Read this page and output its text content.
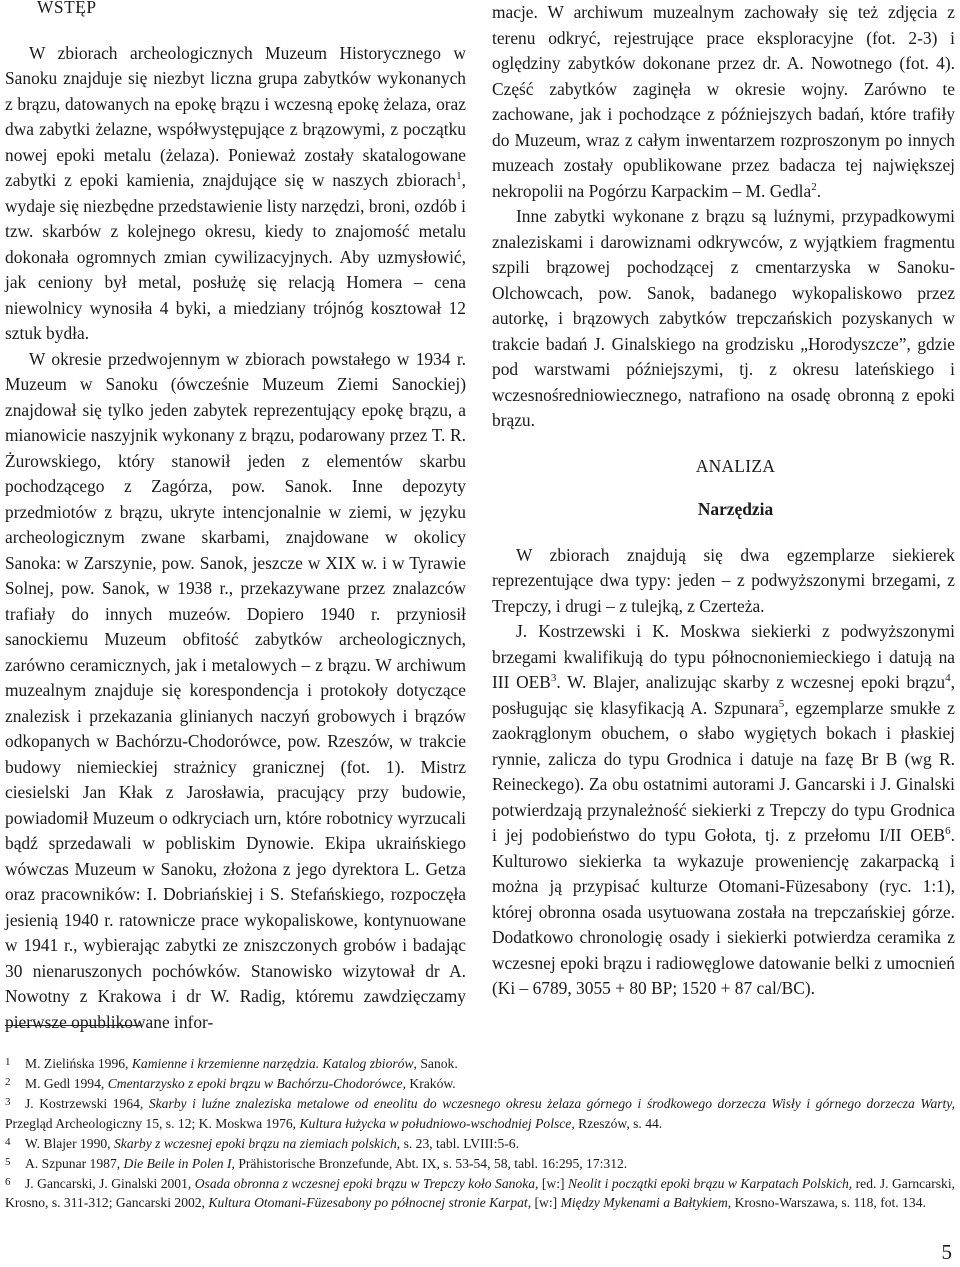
WSTĘP

W zbiorach archeologicznych Muzeum Historycznego w Sanoku znajduje się niezbyt liczna grupa zabytków wykonanych z brązu, datowanych na epokę brązu i wczesną epokę żelaza, oraz dwa zabytki żelazne, współwystępujące z brązowymi, z początku nowej epoki metalu (żelaza). Ponieważ zostały skatalogowane zabytki z epoki kamienia, znajdujące się w naszych zbiorach$^1$, wydaje się niezbędne przedstawienie listy narzędzi, broni, ozdób i tzw. skarbów z kolejnego okresu, kiedy to znajomość metalu dokonała ogromnych zmian cywilizacyjnych. Aby uzmysłowić, jak ceniony był metal, posłużę się relacją Homera – cena niewolnicy wynosiła 4 byki, a miedziany trójnóg kosztował 12 sztuk bydła.

W okresie przedwojennym w zbiorach powstałego w 1934 r. Muzeum w Sanoku (ówcześnie Muzeum Ziemi Sanockiej) znajdował się tylko jeden zabytek reprezentujący epokę brązu, a mianowicie naszyjnik wykonany z brązu, podarowany przez T. R. Żurowskiego, który stanowił jeden z elementów skarbu pochodzącego z Zagórza, pow. Sanok. Inne depozyty przedmiotów z brązu, ukryte intencjonalnie w ziemi, w języku archeologicznym zwane skarbami, znajdowane w okolicy Sanoka: w Zarszynie, pow. Sanok, jeszcze w XIX w. i w Tyrawie Solnej, pow. Sanok, w 1938 r., przekazywane przez znalazców trafiały do innych muzeów. Dopiero 1940 r. przyniosił sanockiemu Muzeum obfitość zabytków archeologicznych, zarówno ceramicznych, jak i metalowych – z brązu. W archiwum muzealnym znajduje się korespondencja i protokoły dotyczące znalezisk i przekazania glinianych naczyń grobowych i brązów odkopanych w Bachórzu-Chodorówce, pow. Rzeszów, w trakcie budowy niemieckiej strażnicy granicznej (fot. 1). Mistrz ciesielski Jan Kłak z Jarosławia, pracujący przy budowie, powiadomił Muzeum o odkryciach urn, które robotnicy wyrzucali bądź sprzedawali w pobliskim Dynowie. Ekipa ukraińskiego wówczas Muzeum w Sanoku, złożona z jego dyrektora L. Getza oraz pracowników: I. Dobriańskiej i S. Stefańskiego, rozpoczęła jesienią 1940 r. ratownicze prace wykopaliskowe, kontynuowane w 1941 r., wybierając zabytki ze zniszczonych grobów i badając 30 nienaruszonych pochówków. Stanowisko wizytował dr A. Nowotny z Krakowa i dr W. Radig, któremu zawdzięczamy pierwsze opublikowane infor-

macje. W archiwum muzealnym zachowały się też zdjęcia z terenu odkryć, rejestrujące prace eksploracyjne (fot. 2-3) i oględziny zabytków dokonane przez dr. A. Nowotnego (fot. 4). Część zabytków zaginęła w okresie wojny. Zarówno te zachowane, jak i pochodzące z późniejszych badań, które trafiły do Muzeum, wraz z całym inwentarzem rozproszonym po innych muzeach zostały opublikowane przez badacza tej największej nekropolii na Pogórzu Karpackim – M. Gedla$^2$.

Inne zabytki wykonane z brązu są luźnymi, przypadkowymi znaleziskami i darowiznami odkrywców, z wyjątkiem fragmentu szpili brązowej pochodzącej z cmentarzyska w Sanoku-Olchowcach, pow. Sanok, badanego wykopaliskowo przez autorkę, i brązowych zabytków trepczańskich pozyskanych w trakcie badań J. Ginalskiego na grodzisku „Horodyszcze”, gdzie pod warstwami późniejszymi, tj. z okresu lateńskiego i wczesnośredniowiecznego, natrafiono na osadę obronną z epoki brązu.

ANALIZA

Narzędzia

W zbiorach znajdują się dwa egzemplarze siekierek reprezentujące dwa typy: jeden – z podwyższonymi brzegami, z Trepczy, i drugi – z tulejką, z Czerteża.

J. Kostrzewski i K. Moskwa siekierki z podwyższonymi brzegami kwalifikują do typu północnoniemieckiego i datują na III OEB$^3$. W. Blajer, analizując skarby z wczesnej epoki brązu$^4$, posługując się klasyfikacją A. Szpunara$^5$, egzemplarze smukłe z zaokrąglonym obuchem, o słabo wygiętych bokach i płaskiej rynnie, zalicza do typu Grodnica i datuje na fazę Br B (wg R. Reineckego). Za obu ostatnimi autorami J. Gancarski i J. Ginalski potwierdzają przynależność siekierki z Trepczy do typu Grodnica i jej podobieństwo do typu Gołota, tj. z przełomu I/II OEB$^6$. Kulturowo siekierka ta wykazuje proweniencję zakarpacką i można ją przypisać kulturze Otomani-Füzesabony (ryc. 1:1), której obronna osada usytuowana została na trepczańskiej górze. Dodatkowo chronologię osady i siekierki potwierdza ceramika z wczesnej epoki brązu i radiowęglowe datowanie belki z umocnień (Ki – 6789, 3055 + 80 BP; 1520 + 87 cal/BC).

1 M. Zielińska 1996, Kamienne i krzemienne narzędzia. Katalog zbiorów, Sanok.

2 M. Gedl 1994, Cmentarzysko z epoki brązu w Bachórzu-Chodorówce, Kraków.

3 J. Kostrzewski 1964, Skarby i luźne znaleziska metalowe od eneolitu do wczesnego okresu żelaza górnego i środkowego dorzecza Wisły i górnego dorzecza Warty, Przegląd Archeologiczny 15, s. 12; K. Moskwa 1976, Kultura łużycka w południowo-wschodniej Polsce, Rzeszów, s. 44.

4 W. Blajer 1990, Skarby z wczesnej epoki brązu na ziemiach polskich, s. 23, tabl. LVIII:5-6.

5 A. Szpunar 1987, Die Beile in Polen I, Prähistorische Bronzefunde, Abt. IX, s. 53-54, 58, tabl. 16:295, 17:312.

6 J. Gancarski, J. Ginalski 2001, Osada obronna z wczesnej epoki brązu w Trepczy koło Sanoka, [w:] Neolit i początki epoki brązu w Karpatach Polskich, red. J. Garncarski, Krosno, s. 311-312; Gancarski 2002, Kultura Otomani-Füzesabony po północnej stronie Karpat, [w:] Między Mykenami a Bałtykiem, Krosno-Warszawa, s. 118, fot. 134.

5
